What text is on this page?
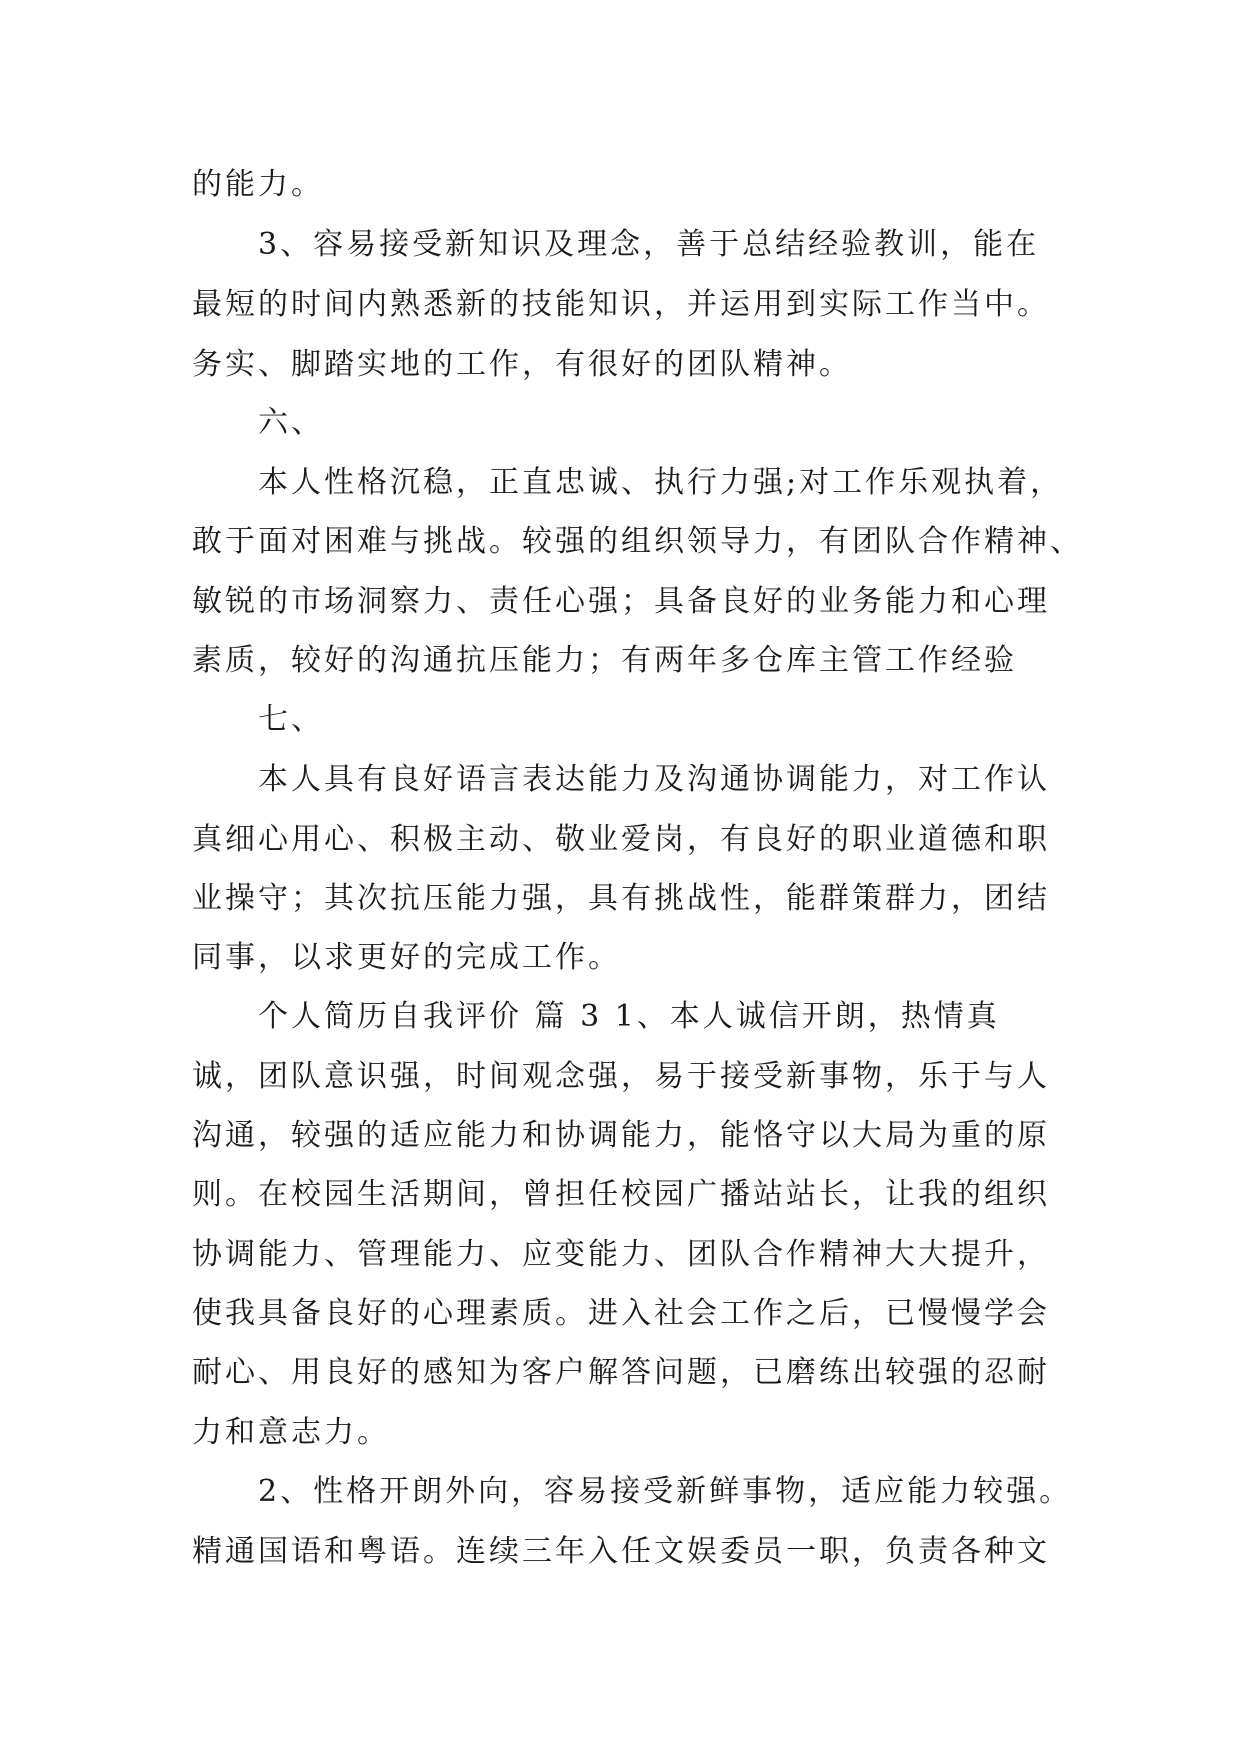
的能力。
3、容易接受新知识及理念，善于总结经验教训，能在
最短的时间内熟悉新的技能知识，并运用到实际工作当中。
务实、脚踏实地的工作，有很好的团队精神。
六、
本人性格沉稳，正直忠诚、执行力强;对工作乐观执着，
敢于面对困难与挑战。较强的组织领导力，有团队合作精神、
敏锐的市场洞察力、责任心强；具备良好的业务能力和心理
素质，较好的沟通抗压能力；有两年多仓库主管工作经验
七、
本人具有良好语言表达能力及沟通协调能力，对工作认
真细心用心、积极主动、敬业爱岗，有良好的职业道德和职
业操守；其次抗压能力强，具有挑战性，能群策群力，团结
同事，以求更好的完成工作。
个人简历自我评价 篇 3 1、本人诚信开朗，热情真
诚，团队意识强，时间观念强，易于接受新事物，乐于与人
沟通，较强的适应能力和协调能力，能恪守以大局为重的原
则。在校园生活期间，曾担任校园广播站站长，让我的组织
协调能力、管理能力、应变能力、团队合作精神大大提升，
使我具备良好的心理素质。进入社会工作之后，已慢慢学会
耐心、用良好的感知为客户解答问题，已磨练出较强的忍耐
力和意志力。
2、性格开朗外向，容易接受新鲜事物，适应能力较强。
精通国语和粤语。连续三年入任文娱委员一职，负责各种文
